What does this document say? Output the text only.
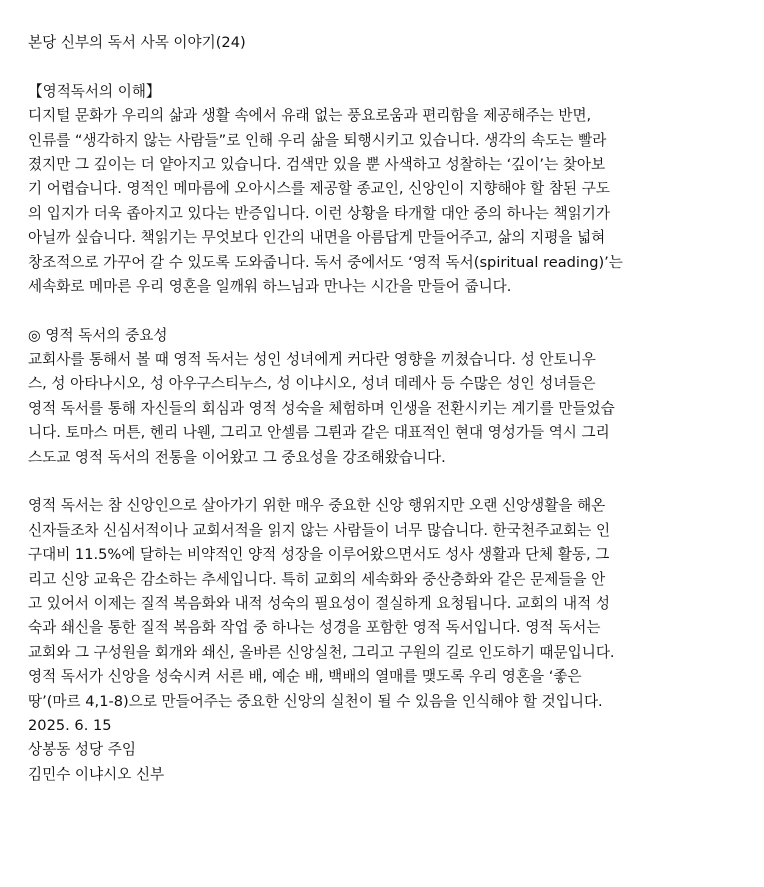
본당 신부의 독서 사목 이야기(24)
【영적독서의 이해】
디지털 문화가 우리의 삶과 생활 속에서 유래 없는 풍요로움과 편리함을 제공해주는 반면,
인류를 “생각하지 않는 사람들”로 인해 우리 삶을 퇴행시키고 있습니다. 생각의 속도는 빨라
졌지만 그 깊이는 더 얕아지고 있습니다. 검색만 있을 뿐 사색하고 성찰하는 ‘깊이’는 찾아보
기 어렵습니다. 영적인 메마름에 오아시스를 제공할 종교인, 신앙인이 지향해야 할 참된 구도
의 입지가 더욱 좁아지고 있다는 반증입니다. 이런 상황을 타개할 대안 중의 하나는 책읽기가
아닐까 싶습니다. 책읽기는 무엇보다 인간의 내면을 아름답게 만들어주고, 삶의 지평을 넓혀
창조적으로 가꾸어 갈 수 있도록 도와줍니다. 독서 중에서도 ‘영적 독서(spiritual reading)’는
세속화로 메마른 우리 영혼을 일깨워 하느님과 만나는 시간을 만들어 줍니다.
◎ 영적 독서의 중요성
교회사를 통해서 볼 때 영적 독서는 성인 성녀에게 커다란 영향을 끼쳤습니다. 성 안토니우
스, 성 아타나시오, 성 아우구스티누스, 성 이냐시오, 성녀 데레사 등 수많은 성인 성녀들은
영적 독서를 통해 자신들의 회심과 영적 성숙을 체험하며 인생을 전환시키는 계기를 만들었습
니다. 토마스 머튼, 헨리 나웬, 그리고 안셀름 그륀과 같은 대표적인 현대 영성가들 역시 그리
스도교 영적 독서의 전통을 이어왔고 그 중요성을 강조해왔습니다.
영적 독서는 참 신앙인으로 살아가기 위한 매우 중요한 신앙 행위지만 오랜 신앙생활을 해온
신자들조차 신심서적이나 교회서적을 읽지 않는 사람들이 너무 많습니다. 한국천주교회는 인
구대비 11.5%에 달하는 비약적인 양적 성장을 이루어왔으면서도 성사 생활과 단체 활동, 그
리고 신앙 교육은 감소하는 추세입니다. 특히 교회의 세속화와 중산층화와 같은 문제들을 안
고 있어서 이제는 질적 복음화와 내적 성숙의 필요성이 절실하게 요청됩니다. 교회의 내적 성
숙과 쇄신을 통한 질적 복음화 작업 중 하나는 성경을 포함한 영적 독서입니다. 영적 독서는
교회와 그 구성원을 회개와 쇄신, 올바른 신앙실천, 그리고 구원의 길로 인도하기 때문입니다.
영적 독서가 신앙을 성숙시켜 서른 배, 예순 배, 백배의 열매를 맺도록 우리 영혼을 ‘좋은
땅’(마르 4,1-8)으로 만들어주는 중요한 신앙의 실천이 될 수 있음을 인식해야 할 것입니다.
2025. 6. 15
상봉동 성당 주임
김민수 이냐시오 신부
